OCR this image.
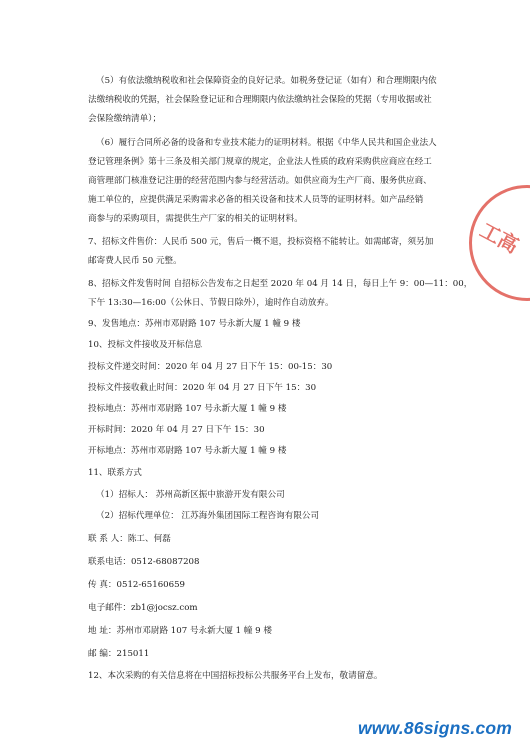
（5）有依法缴纳税收和社会保障资金的良好记录。如税务登记证（如有）和合理期限内依
法缴纳税收的凭据，社会保险登记证和合理期限内依法缴纳社会保险的凭据（专用收据或社
会保险缴纳清单）；
（6）履行合同所必备的设备和专业技术能力的证明材料。根据《中华人民共和国企业法人
登记管理条例》第十三条及相关部门规章的规定，企业法人性质的政府采购供应商应在经工
商管理部门核准登记注册的经营范围内参与经营活动。如供应商为生产厂商、服务供应商、
施工单位的，应提供满足采购需求必备的相关设备和技术人员等的证明材料。如产品经销
商参与的采购项目，需提供生产厂家的相关的证明材料。
7、招标文件售价：人民币 500 元，售后一概不退，投标资格不能转让。如需邮寄，须另加
邮寄费人民币 50 元整。
8、招标文件发售时间 自招标公告发布之日起至 2020 年 04 月 14 日，每日上午 9：00—11：00，
下午 13:30—16:00（公休日、节假日除外），逾时作自动放弃。
9、发售地点：苏州市邓尉路 107 号永新大厦 1 幢 9 楼
10、投标文件接收及开标信息
投标文件递交时间：2020 年 04 月 27 日下午 15：00-15：30
投标文件接收截止时间：2020 年 04 月 27 日下午 15：30
投标地点：苏州市邓尉路 107 号永新大厦 1 幢 9 楼
开标时间：2020 年 04 月 27 日下午 15：30
开标地点：苏州市邓尉路 107 号永新大厦 1 幢 9 楼
11、联系方式
（1）招标人： 苏州高新区振中旅游开发有限公司
（2）招标代理单位： 江苏海外集团国际工程咨询有限公司
联 系 人：陈工、何磊
联系电话：0512-68087208
传 真：0512-65160659
电子邮件：zb1@jocsz.com
地 址：苏州市邓尉路 107 号永新大厦 1 幢 9 楼
邮 编：215011
12、本次采购的有关信息将在中国招标投标公共服务平台上发布，敬请留意。
工高
www.86signs.com
